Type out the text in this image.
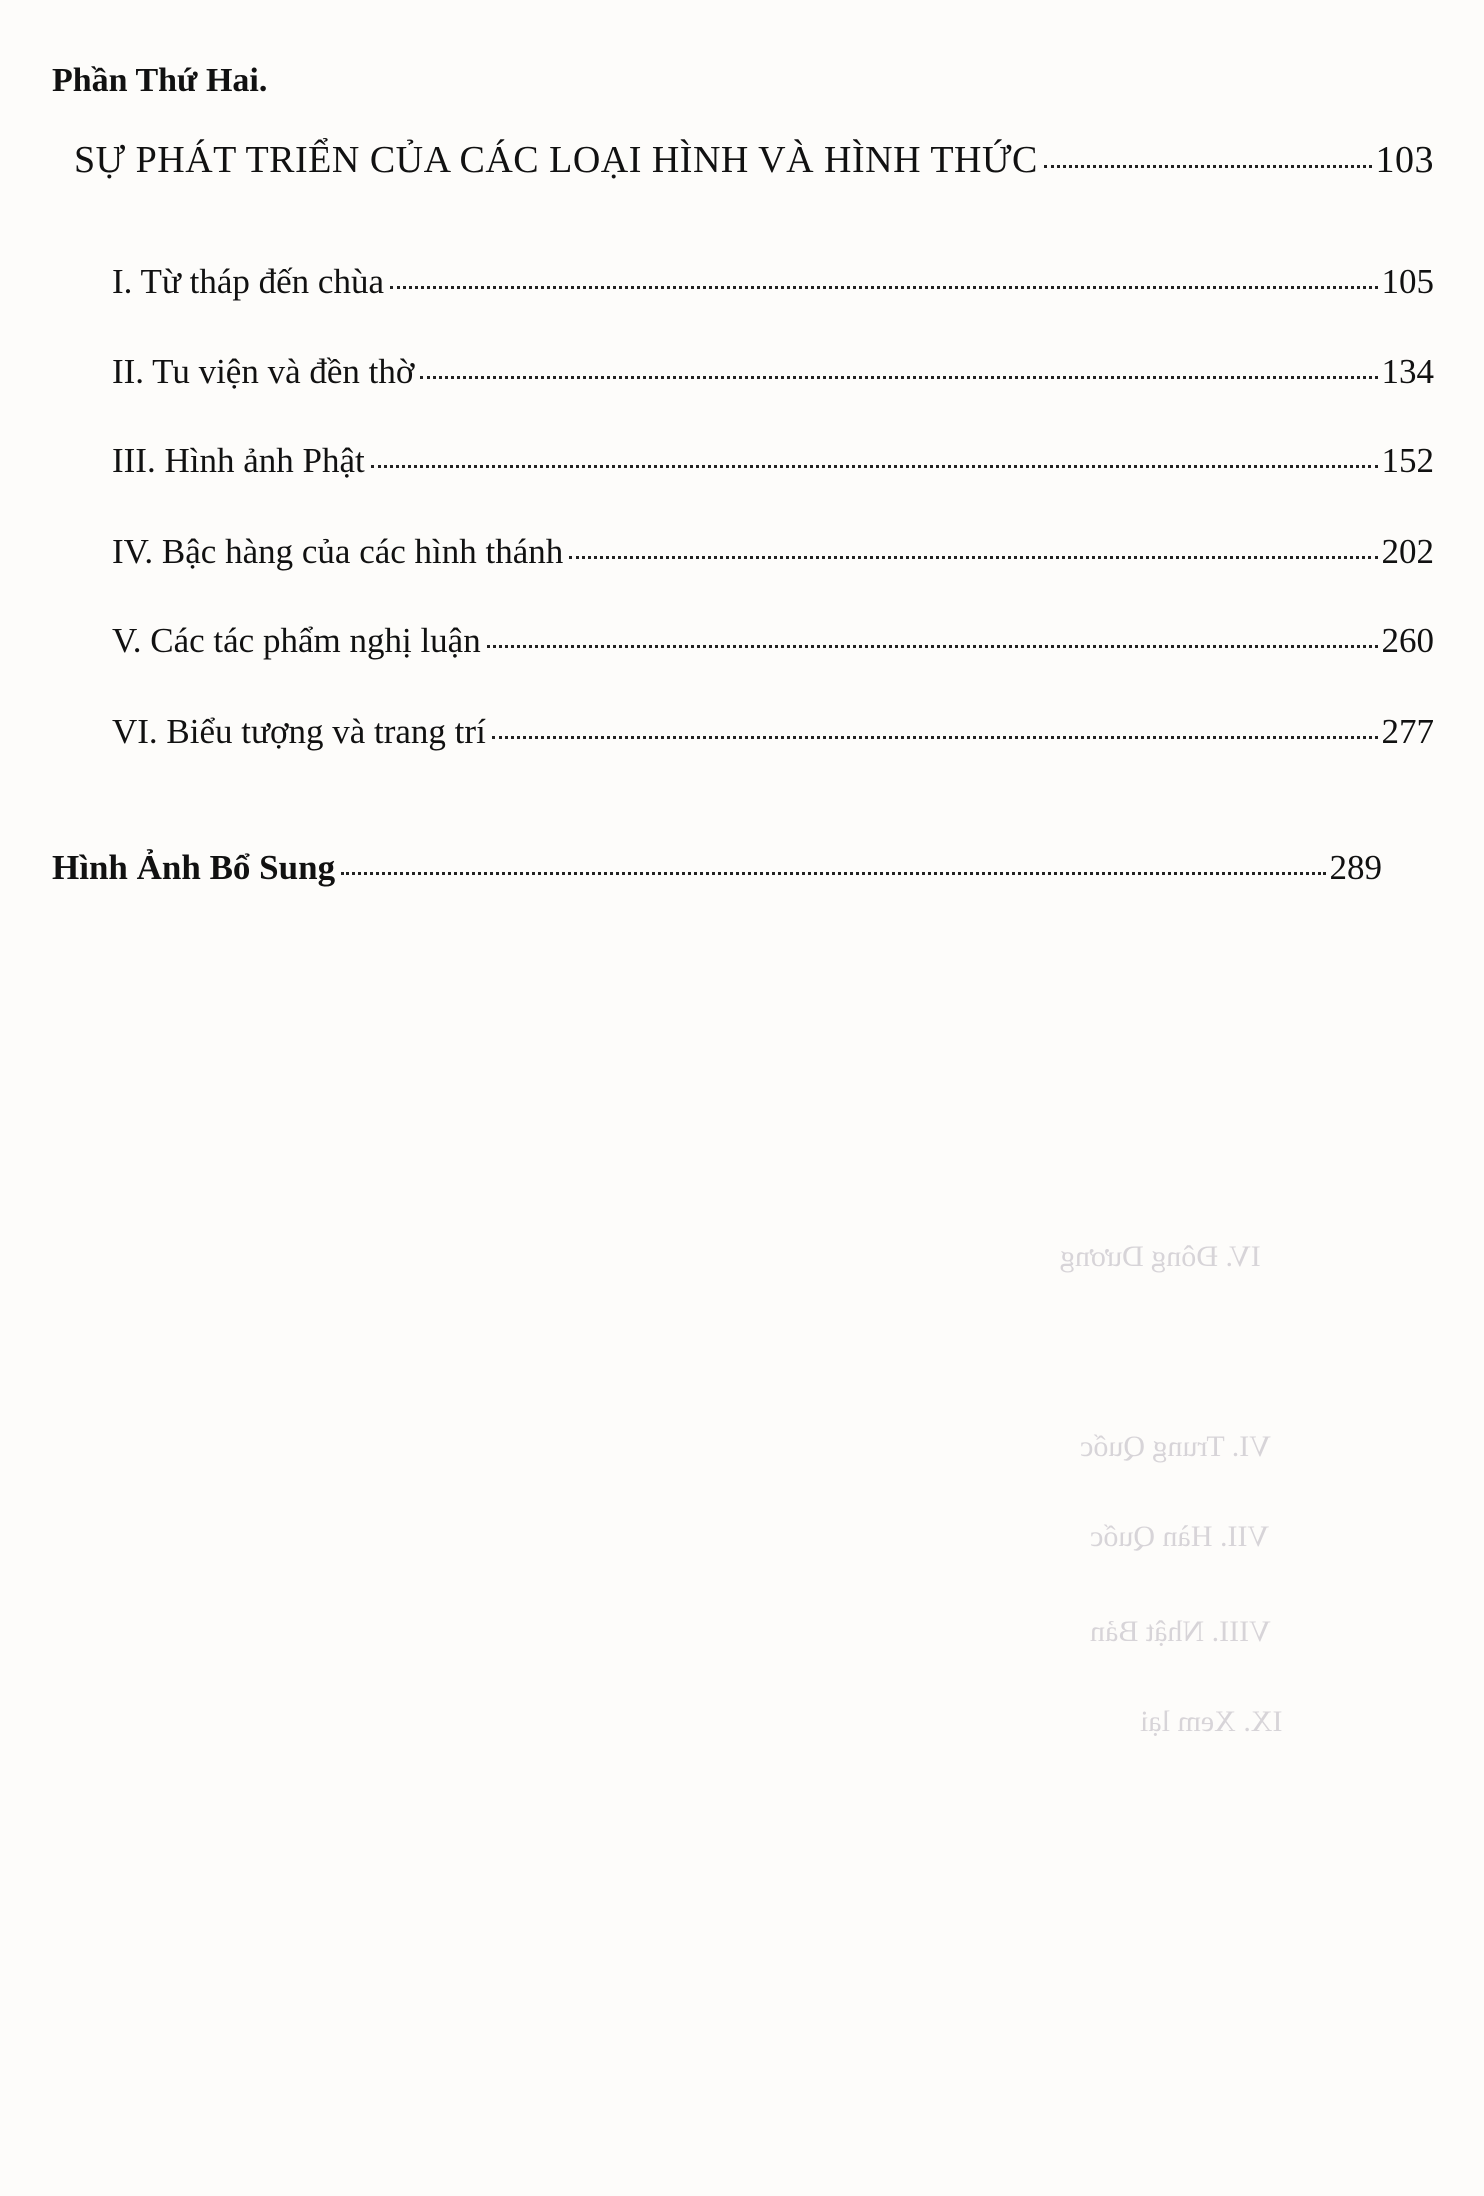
IV. Đông Dương
VI. Trung Quốc
VII. Hàn Quốc
VIII. Nhật Bản
IX. Xem lại
Phần Thứ Hai.
SỰ PHÁT TRIỂN CỦA CÁC LOẠI HÌNH VÀ HÌNH THỨC	103
I. Từ tháp đến chùa	105
II. Tu viện và đền thờ	134
III. Hình ảnh Phật	152
IV. Bậc hàng của các hình thánh	202
V. Các tác phẩm nghị luận	260
VI. Biểu tượng và trang trí	277
Hình Ảnh Bổ Sung	289
